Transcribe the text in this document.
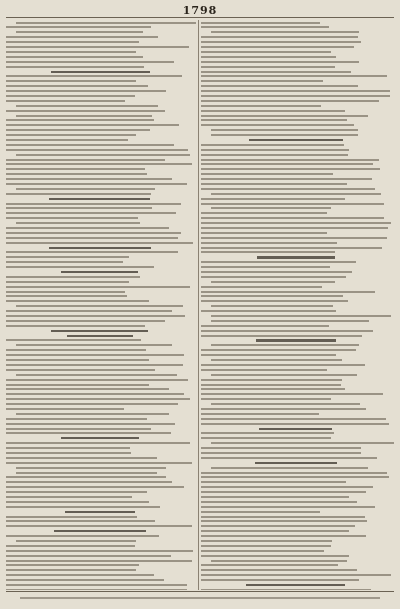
1798
